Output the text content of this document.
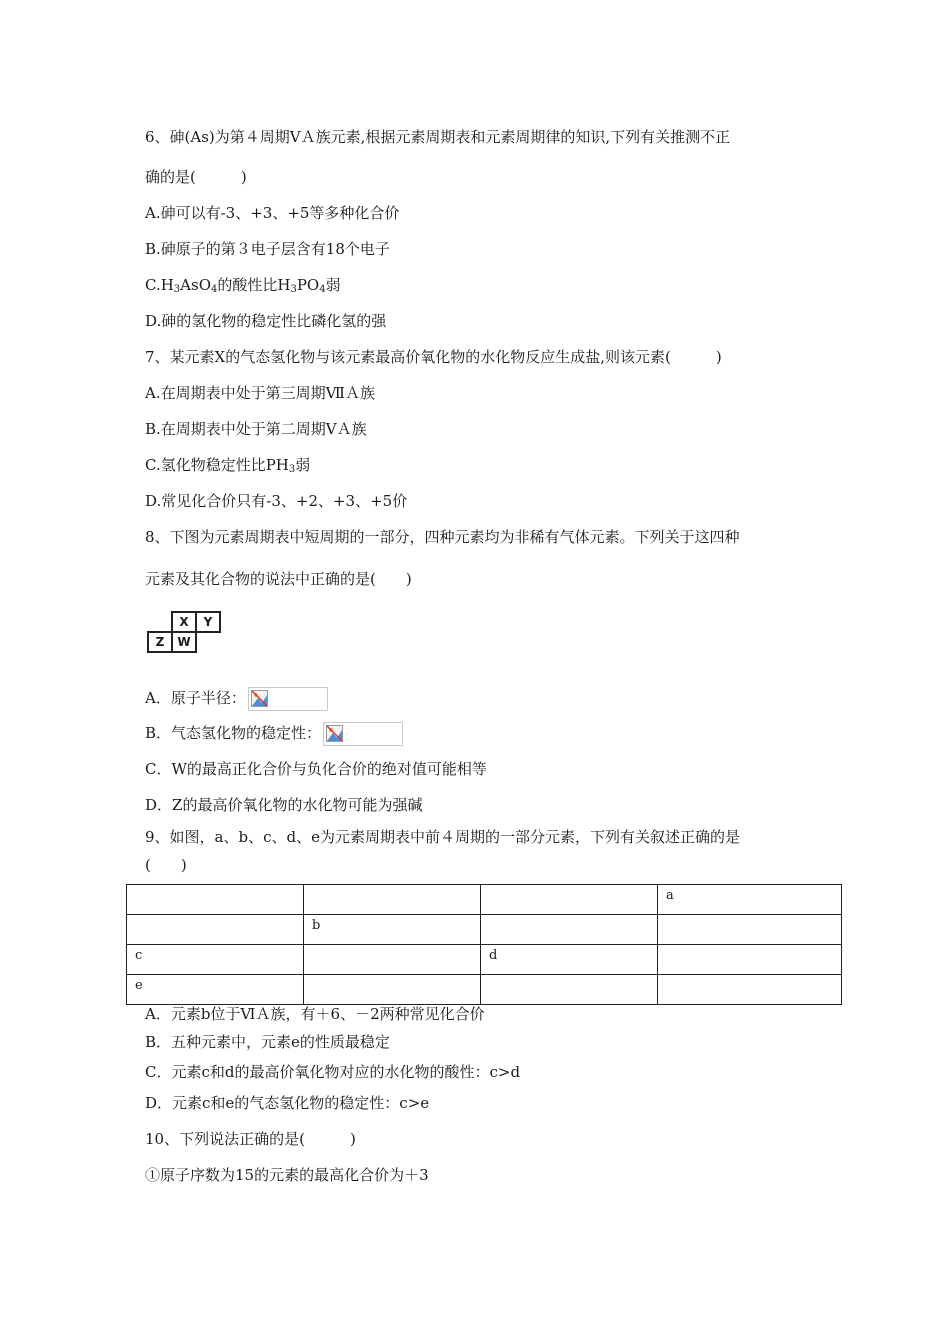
6、砷(As)为第４周期ⅤＡ族元素,根据元素周期表和元素周期律的知识,下列有关推测不正
确的是(　　　)
A.砷可以有-3、+3、+5等多种化合价
B.砷原子的第３电子层含有18个电子
$C.H_3AsO_4$的酸性比$H_3PO_4$弱
D.砷的氢化物的稳定性比磷化氢的强
7、某元素X的气态氢化物与该元素最高价氧化物的水化物反应生成盐,则该元素(　　　)
A.在周期表中处于第三周期ⅦＡ族
B.在周期表中处于第二周期ⅤＡ族
C.氢化物稳定性比$PH_3$弱
D.常见化合价只有-3、+2、+3、+5价
8、下图为元素周期表中短周期的一部分，四种元素均为非稀有气体元素。下列关于这四种
元素及其化合物的说法中正确的是(　　)
X	Y
Z	W
A．原子半径：
B．气态氢化物的稳定性：
C．W的最高正化合价与负化合价的绝对值可能相等
D．Z的最高价氧化物的水化物可能为强碱
9、如图，a、b、c、d、e为元素周期表中前４周期的一部分元素，下列有关叙述正确的是
(　　)
			a
	b		
c		d	
e			
A．元素b位于ⅥＡ族，有＋6、－2两种常见化合价
B．五种元素中，元素e的性质最稳定
C．元素c和d的最高价氧化物对应的水化物的酸性：c>d
D．元素c和e的气态氢化物的稳定性：c>e
10、下列说法正确的是(　　　)
①原子序数为15的元素的最高化合价为＋3
